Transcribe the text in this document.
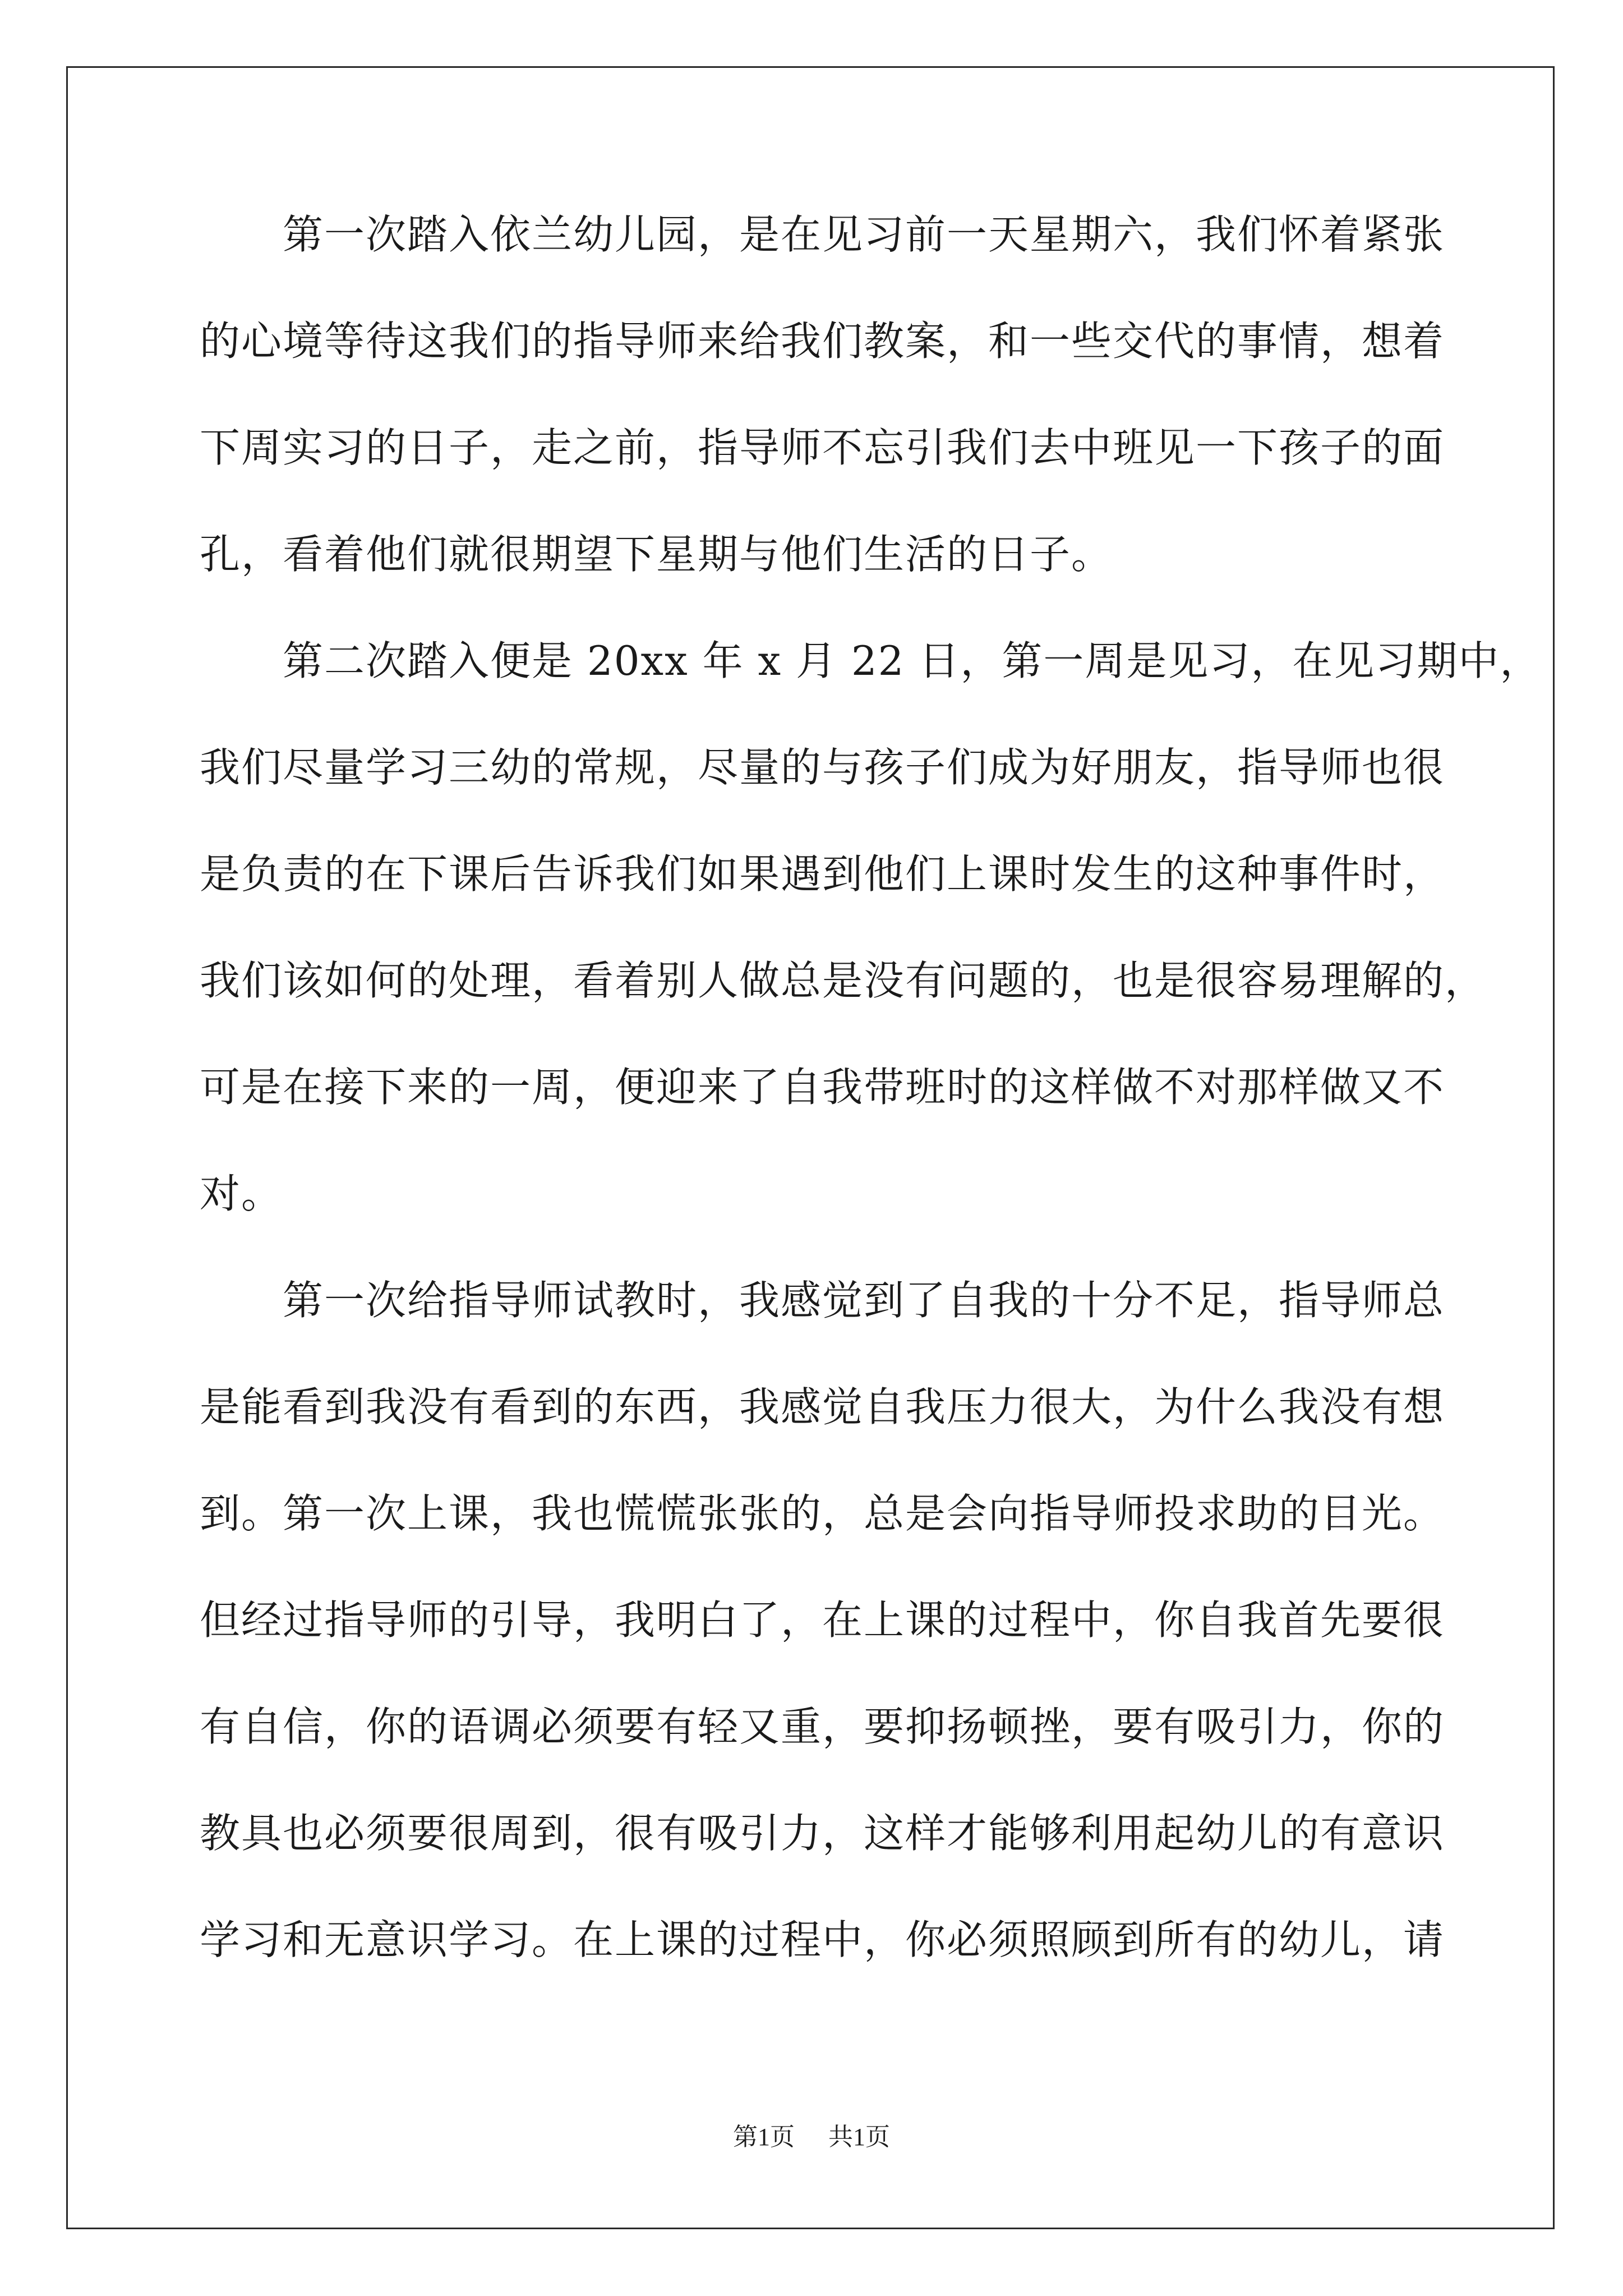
　　第一次踏入依兰幼儿园，是在见习前一天星期六，我们怀着紧张
的心境等待这我们的指导师来给我们教案，和一些交代的事情，想着
下周实习的日子，走之前，指导师不忘引我们去中班见一下孩子的面
孔，看着他们就很期望下星期与他们生活的日子。
　　第二次踏入便是 20xx 年 x 月 22 日，第一周是见习，在见习期中，
我们尽量学习三幼的常规，尽量的与孩子们成为好朋友，指导师也很
是负责的在下课后告诉我们如果遇到他们上课时发生的这种事件时，
我们该如何的处理，看着别人做总是没有问题的，也是很容易理解的，
可是在接下来的一周，便迎来了自我带班时的这样做不对那样做又不
对。
　　第一次给指导师试教时，我感觉到了自我的十分不足，指导师总
是能看到我没有看到的东西，我感觉自我压力很大，为什么我没有想
到。第一次上课，我也慌慌张张的，总是会向指导师投求助的目光。
但经过指导师的引导，我明白了，在上课的过程中，你自我首先要很
有自信，你的语调必须要有轻又重，要抑扬顿挫，要有吸引力，你的
教具也必须要很周到，很有吸引力，这样才能够利用起幼儿的有意识
学习和无意识学习。在上课的过程中，你必须照顾到所有的幼儿，请
第1页 共1页
